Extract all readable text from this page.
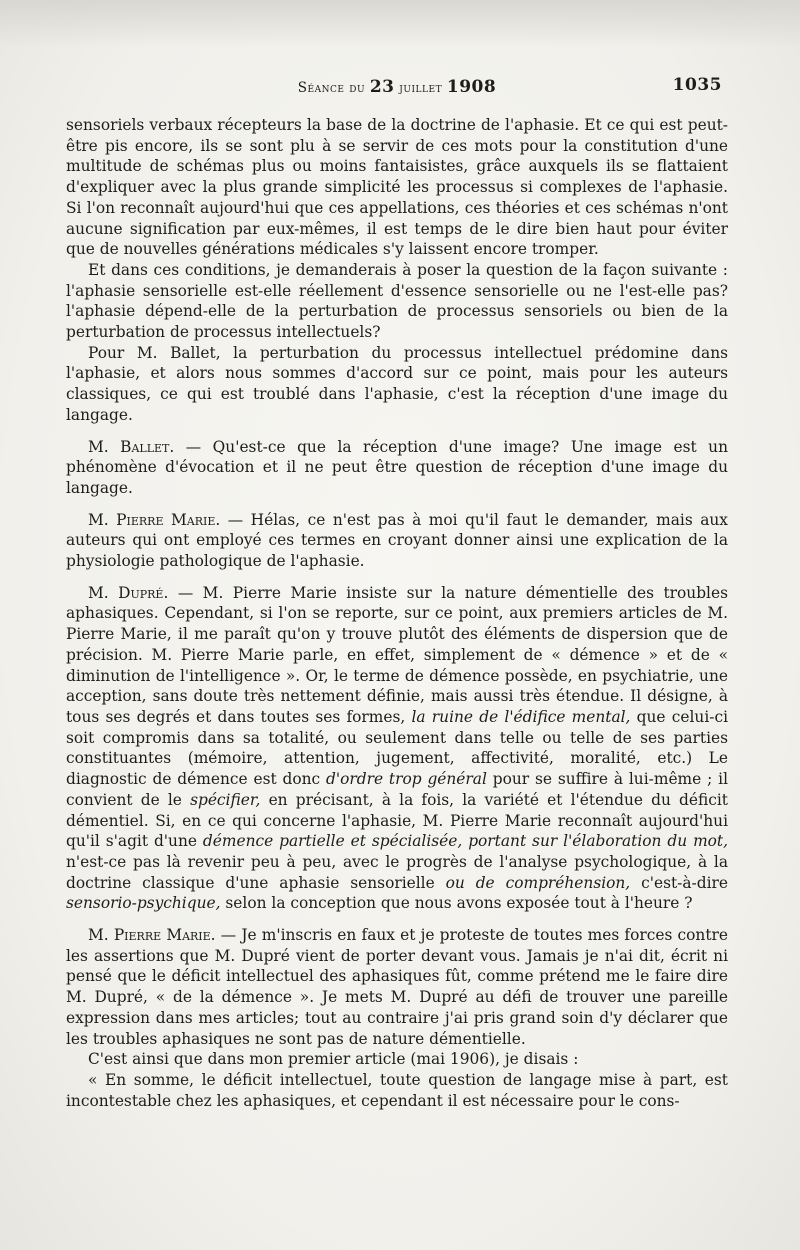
Séance du 23 juillet 1908	1035

sensoriels verbaux récepteurs la base de la doctrine de l'aphasie. Et ce qui est peut-être pis encore, ils se sont plu à se servir de ces mots pour la constitution d'une multitude de schémas plus ou moins fantaisistes, grâce auxquels ils se flattaient d'expliquer avec la plus grande simplicité les processus si complexes de l'aphasie. Si l'on reconnaît aujourd'hui que ces appellations, ces théories et ces schémas n'ont aucune signification par eux-mêmes, il est temps de le dire bien haut pour éviter que de nouvelles générations médicales s'y laissent encore tromper.

Et dans ces conditions, je demanderais à poser la question de la façon suivante : l'aphasie sensorielle est-elle réellement d'essence sensorielle ou ne l'est-elle pas? l'aphasie dépend-elle de la perturbation de processus sensoriels ou bien de la perturbation de processus intellectuels?

Pour M. Ballet, la perturbation du processus intellectuel prédomine dans l'aphasie, et alors nous sommes d'accord sur ce point, mais pour les auteurs classiques, ce qui est troublé dans l'aphasie, c'est la réception d'une image du langage.

M. Ballet. — Qu'est-ce que la réception d'une image? Une image est un phénomène d'évocation et il ne peut être question de réception d'une image du langage.

M. Pierre Marie. — Hélas, ce n'est pas à moi qu'il faut le demander, mais aux auteurs qui ont employé ces termes en croyant donner ainsi une explication de la physiologie pathologique de l'aphasie.

M. Dupré. — M. Pierre Marie insiste sur la nature démentielle des troubles aphasiques. Cependant, si l'on se reporte, sur ce point, aux premiers articles de M. Pierre Marie, il me paraît qu'on y trouve plutôt des éléments de dispersion que de précision. M. Pierre Marie parle, en effet, simplement de « démence » et de « diminution de l'intelligence ». Or, le terme de démence possède, en psychiatrie, une acception, sans doute très nettement définie, mais aussi très étendue. Il désigne, à tous ses degrés et dans toutes ses formes, la ruine de l'édifice mental, que celui-ci soit compromis dans sa totalité, ou seulement dans telle ou telle de ses parties constituantes (mémoire, attention, jugement, affectivité, moralité, etc.) Le diagnostic de démence est donc d'ordre trop général pour se suffire à lui-même ; il convient de le spécifier, en précisant, à la fois, la variété et l'étendue du déficit démentiel. Si, en ce qui concerne l'aphasie, M. Pierre Marie reconnaît aujourd'hui qu'il s'agit d'une démence partielle et spécialisée, portant sur l'élaboration du mot, n'est-ce pas là revenir peu à peu, avec le progrès de l'analyse psychologique, à la doctrine classique d'une aphasie sensorielle ou de compréhension, c'est-à-dire sensorio-psychique, selon la conception que nous avons exposée tout à l'heure ?

M. Pierre Marie. — Je m'inscris en faux et je proteste de toutes mes forces contre les assertions que M. Dupré vient de porter devant vous. Jamais je n'ai dit, écrit ni pensé que le déficit intellectuel des aphasiques fût, comme prétend me le faire dire M. Dupré, « de la démence ». Je mets M. Dupré au défi de trouver une pareille expression dans mes articles; tout au contraire j'ai pris grand soin d'y déclarer que les troubles aphasiques ne sont pas de nature démentielle.

C'est ainsi que dans mon premier article (mai 1906), je disais :

« En somme, le déficit intellectuel, toute question de langage mise à part, est incontestable chez les aphasiques, et cependant il est nécessaire pour le cons-
